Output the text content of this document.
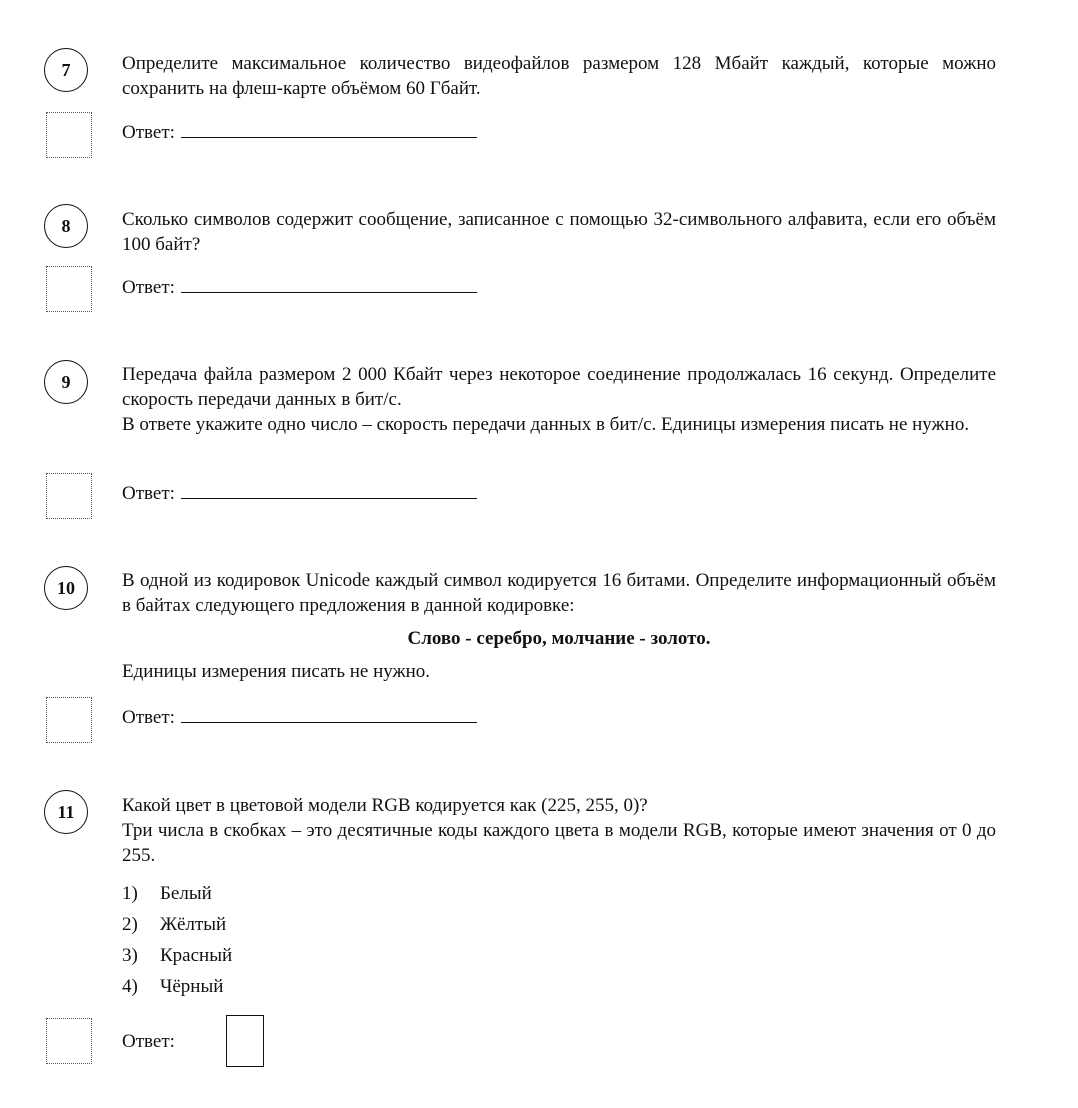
7	Определите максимальное количество видеофайлов размером 128 Мбайт каждый, которые можно сохранить на флеш-карте объёмом 60 Гбайт.

Ответ:
8	Сколько символов содержит сообщение, записанное с помощью 32-символьного алфавита, если его объём 100 байт?

Ответ:
9	Передача файла размером 2 000 Кбайт через некоторое соединение продолжалась 16 секунд. Определите скорость передачи данных в бит/с.

В ответе укажите одно число – скорость передачи данных в бит/с. Единицы измерения писать не нужно.

Ответ:
10	В одной из кодировок Unicode каждый символ кодируется 16 битами. Определите информационный объём в байтах следующего предложения в данной кодировке:

Слово - серебро, молчание - золото.

Единицы измерения писать не нужно.

Ответ:
11	Какой цвет в цветовой модели RGB кодируется как (225, 255, 0)?

Три числа в скобках – это десятичные коды каждого цвета в модели RGB, которые имеют значения от 0 до 255.

1)	Белый
2)	Жёлтый
3)	Красный
4)	Чёрный
Ответ:
